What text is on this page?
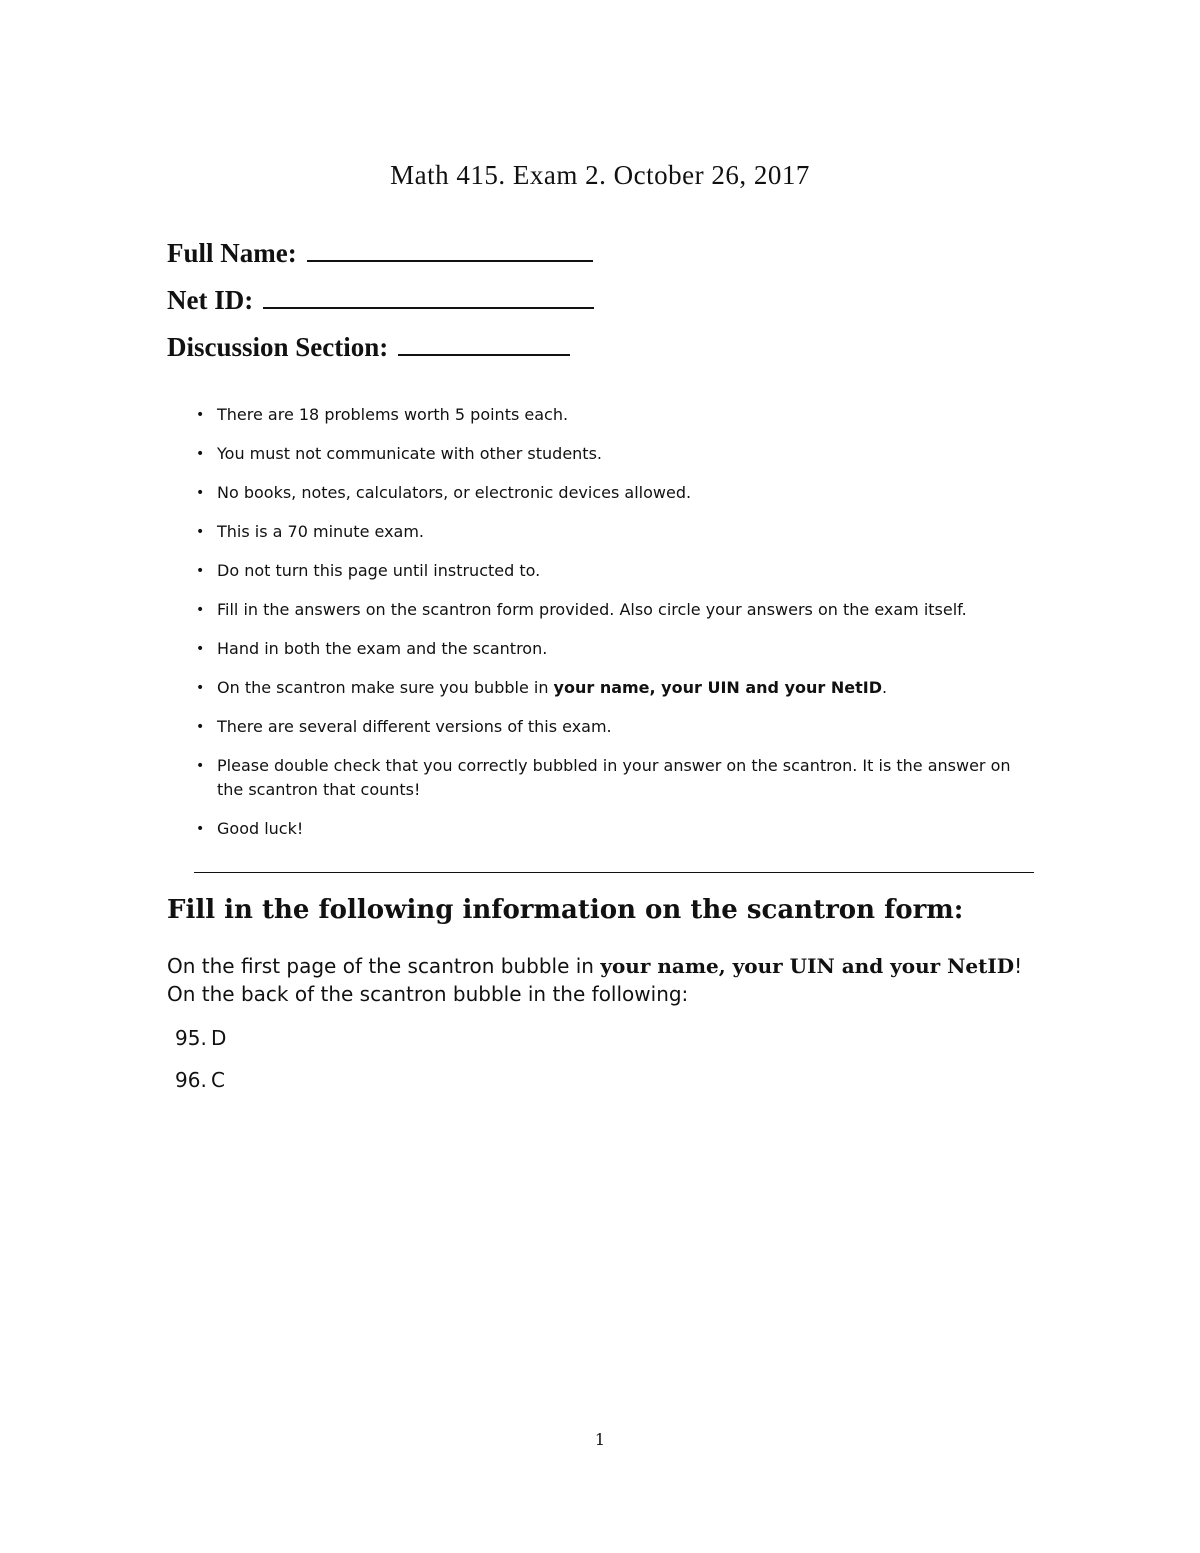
Math 415. Exam 2. October 26, 2017
Full Name:
Net ID:
Discussion Section:
• There are 18 problems worth 5 points each.
• You must not communicate with other students.
• No books, notes, calculators, or electronic devices allowed.
• This is a 70 minute exam.
• Do not turn this page until instructed to.
• Fill in the answers on the scantron form provided. Also circle your answers on the exam itself.
• Hand in both the exam and the scantron.
• On the scantron make sure you bubble in your name, your UIN and your NetID.
• There are several different versions of this exam.
• Please double check that you correctly bubbled in your answer on the scantron. It is the answer on the scantron that counts!
• Good luck!
Fill in the following information on the scantron form:
On the first page of the scantron bubble in your name, your UIN and your NetID!
On the back of the scantron bubble in the following:
95. D
96. C
1
